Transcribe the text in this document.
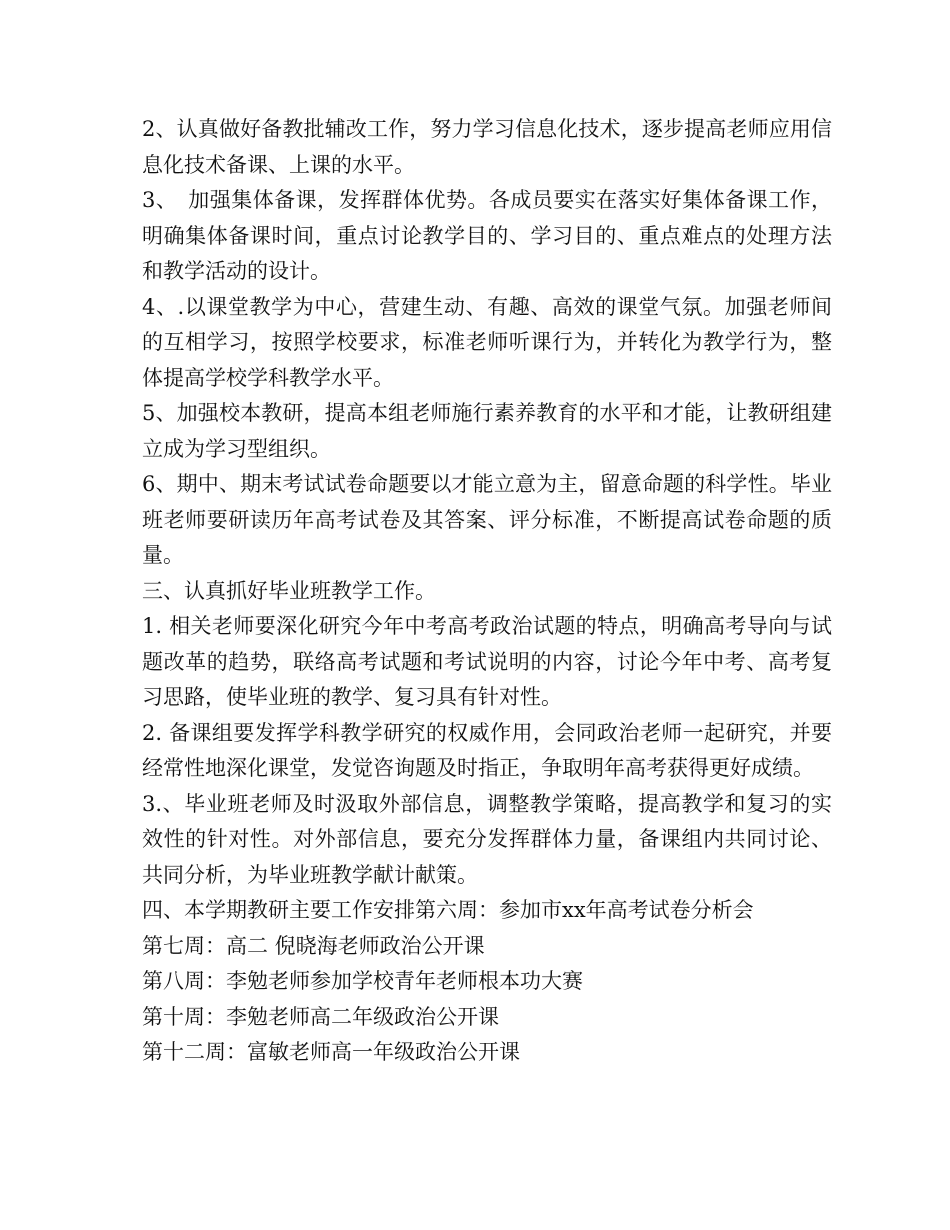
2、认真做好备教批辅改工作，努力学习信息化技术，逐步提高老师应用信息化技术备课、上课的水平。

3、　加强集体备课，发挥群体优势。各成员要实在落实好集体备课工作，明确集体备课时间，重点讨论教学目的、学习目的、重点难点的处理方法和教学活动的设计。

4、.以课堂教学为中心，营建生动、有趣、高效的课堂气氛。加强老师间的互相学习，按照学校要求，标准老师听课行为，并转化为教学行为，整体提高学校学科教学水平。

5、加强校本教研，提高本组老师施行素养教育的水平和才能，让教研组建立成为学习型组织。

6、期中、期末考试试卷命题要以才能立意为主，留意命题的科学性。毕业班老师要研读历年高考试卷及其答案、评分标准，不断提高试卷命题的质量。

三、认真抓好毕业班教学工作。

1. 相关老师要深化研究今年中考高考政治试题的特点，明确高考导向与试题改革的趋势，联络高考试题和考试说明的内容，讨论今年中考、高考复习思路，使毕业班的教学、复习具有针对性。

2. 备课组要发挥学科教学研究的权威作用，会同政治老师一起研究，并要经常性地深化课堂，发觉咨询题及时指正，争取明年高考获得更好成绩。

3.、毕业班老师及时汲取外部信息，调整教学策略，提高教学和复习的实效性的针对性。对外部信息，要充分发挥群体力量，备课组内共同讨论、共同分析，为毕业班教学献计献策。

四、本学期教研主要工作安排第六周：参加市xx年高考试卷分析会

第七周：高二 倪晓海老师政治公开课

第八周：李勉老师参加学校青年老师根本功大赛

第十周：李勉老师高二年级政治公开课

第十二周：富敏老师高一年级政治公开课
